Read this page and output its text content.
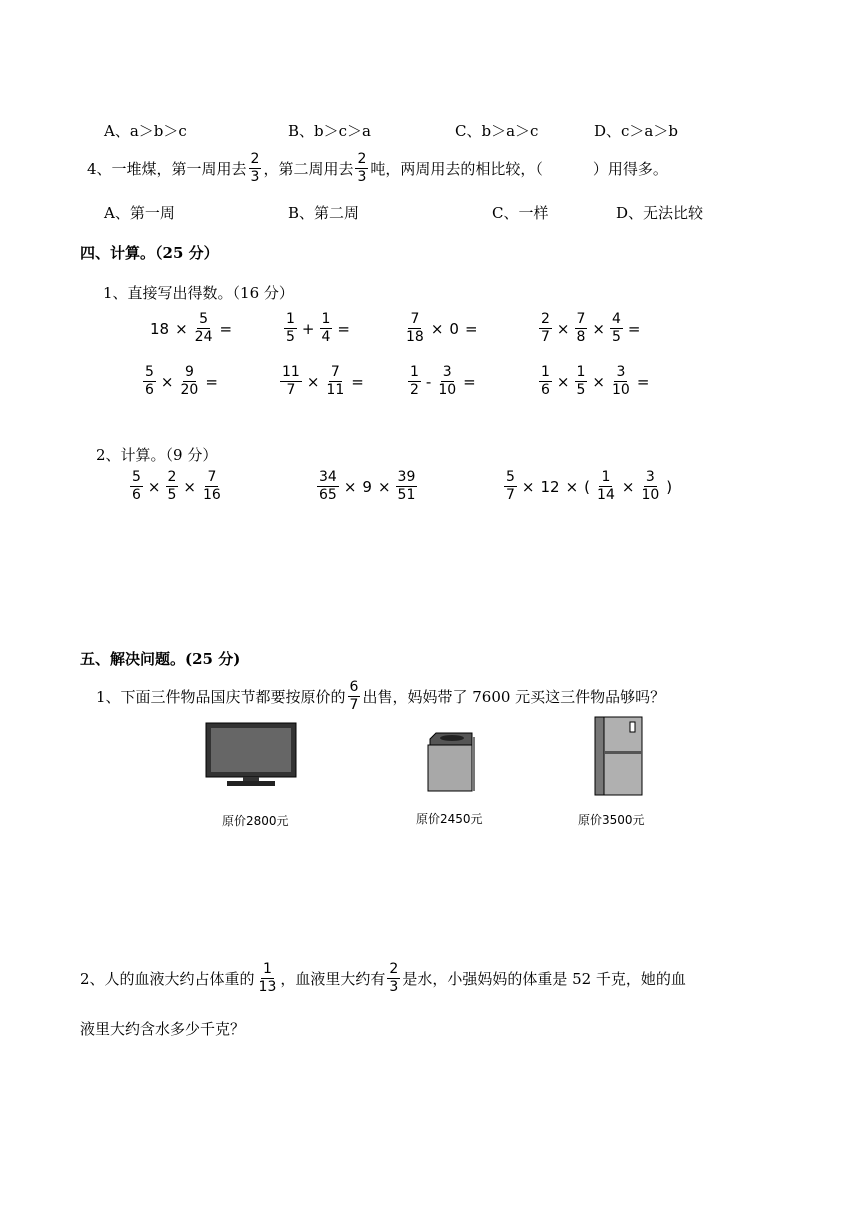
A、a＞b＞c	B、b＞c＞a	C、b＞a＞c	D、c＞a＞b
4、一堆煤，第一周用去 $\frac{2}{3}$ ，第二周用去 $\frac{2}{3}$ 吨，两周用去的相比较，（	）用得多。
A、第一周	B、第二周	C、一样	D、无法比较
四、计算。（25 分）
1、直接写出得数。（16 分）
$18 \times \frac{5}{24}$ =	$\frac{1}{5} + \frac{1}{4}$ =	$\frac{7}{18} \times 0$ =	$\frac{2}{7} \times \frac{7}{8} \times \frac{4}{5}$ =
$\frac{5}{6} \times \frac{9}{20}$ =	$\frac{11}{7} \times \frac{7}{11}$ =	$\frac{1}{2} - \frac{3}{10}$ =	$\frac{1}{6} \times \frac{1}{5} \times \frac{3}{10}$ =
2、计算。（9 分）
$\frac{5}{6} \times \frac{2}{5} \times \frac{7}{16}$	$\frac{34}{65} \times 9 \times \frac{39}{51}$	$\frac{5}{7} \times 12$ × ( $\frac{1}{14} \times \frac{3}{10}$ )
五、解决问题。(25 分)
1、下面三件物品国庆节都要按原价的 $\frac{6}{7}$ 出售，妈妈带了 7600 元买这三件物品够吗？
原价2800元	原价2450元	原价3500元
2、人的血液大约占体重的 $\frac{1}{13}$ ，血液里大约有 $\frac{2}{3}$ 是水，小强妈妈的体重是 52 千克，她的血
液里大约含水多少千克？
